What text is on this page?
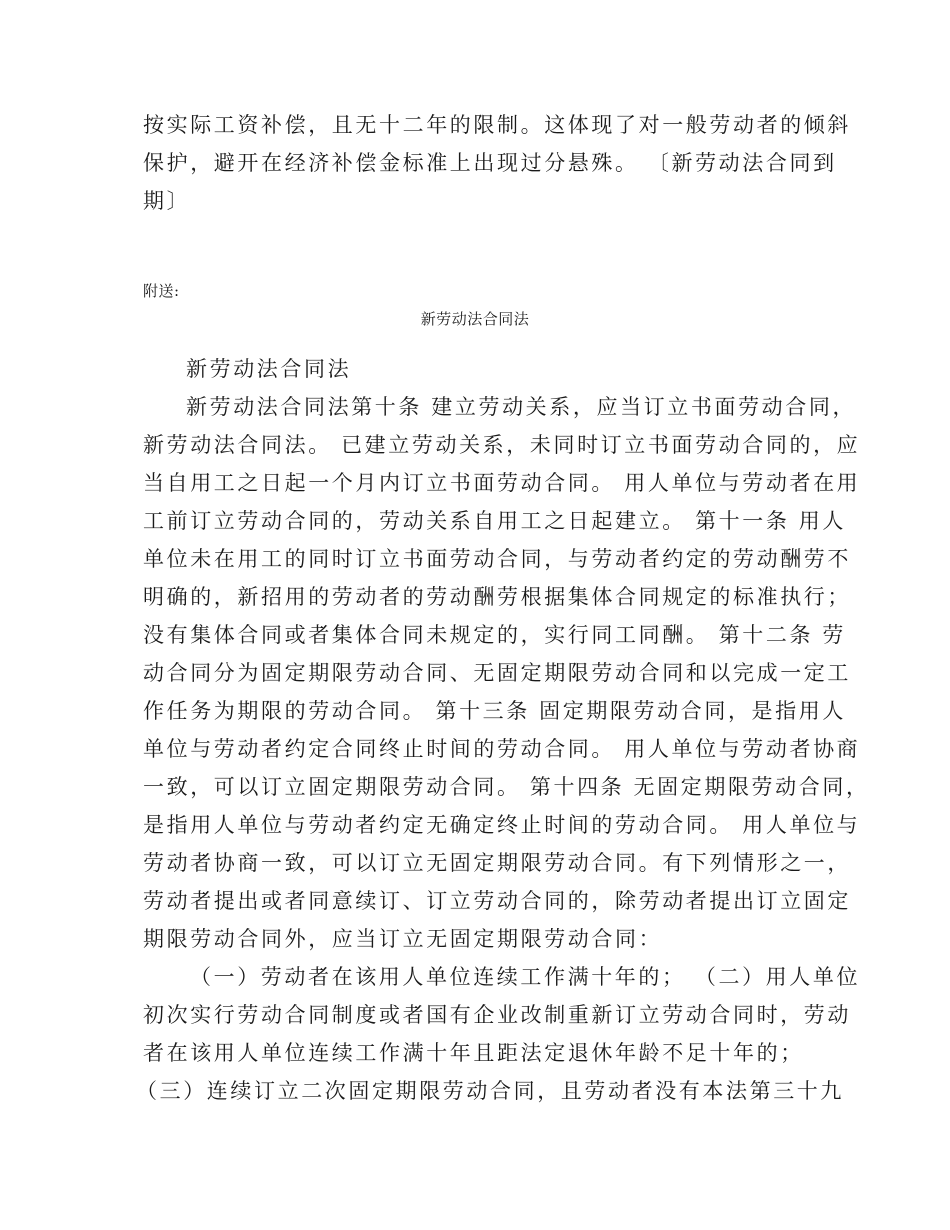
按实际工资补偿，且无十二年的限制。这体现了对一般劳动者的倾斜

保护，避开在经济补偿金标准上出现过分悬殊。 〔新劳动法合同到

期〕

附送:

新劳动法合同法

新劳动法合同法

新劳动法合同法第十条 建立劳动关系，应当订立书面劳动合同，

新劳动法合同法。 已建立劳动关系，未同时订立书面劳动合同的，应

当自用工之日起一个月内订立书面劳动合同。 用人单位与劳动者在用

工前订立劳动合同的，劳动关系自用工之日起建立。 第十一条 用人

单位未在用工的同时订立书面劳动合同，与劳动者约定的劳动酬劳不

明确的，新招用的劳动者的劳动酬劳根据集体合同规定的标准执行；

没有集体合同或者集体合同未规定的，实行同工同酬。 第十二条 劳

动合同分为固定期限劳动合同、无固定期限劳动合同和以完成一定工

作任务为期限的劳动合同。 第十三条 固定期限劳动合同，是指用人

单位与劳动者约定合同终止时间的劳动合同。 用人单位与劳动者协商

一致，可以订立固定期限劳动合同。 第十四条 无固定期限劳动合同，

是指用人单位与劳动者约定无确定终止时间的劳动合同。 用人单位与

劳动者协商一致，可以订立无固定期限劳动合同。有下列情形之一，

劳动者提出或者同意续订、订立劳动合同的，除劳动者提出订立固定

期限劳动合同外，应当订立无固定期限劳动合同：

（一）劳动者在该用人单位连续工作满十年的； （二）用人单位

初次实行劳动合同制度或者国有企业改制重新订立劳动合同时，劳动

者在该用人单位连续工作满十年且距法定退休年龄不足十年的；

（三）连续订立二次固定期限劳动合同，且劳动者没有本法第三十九
